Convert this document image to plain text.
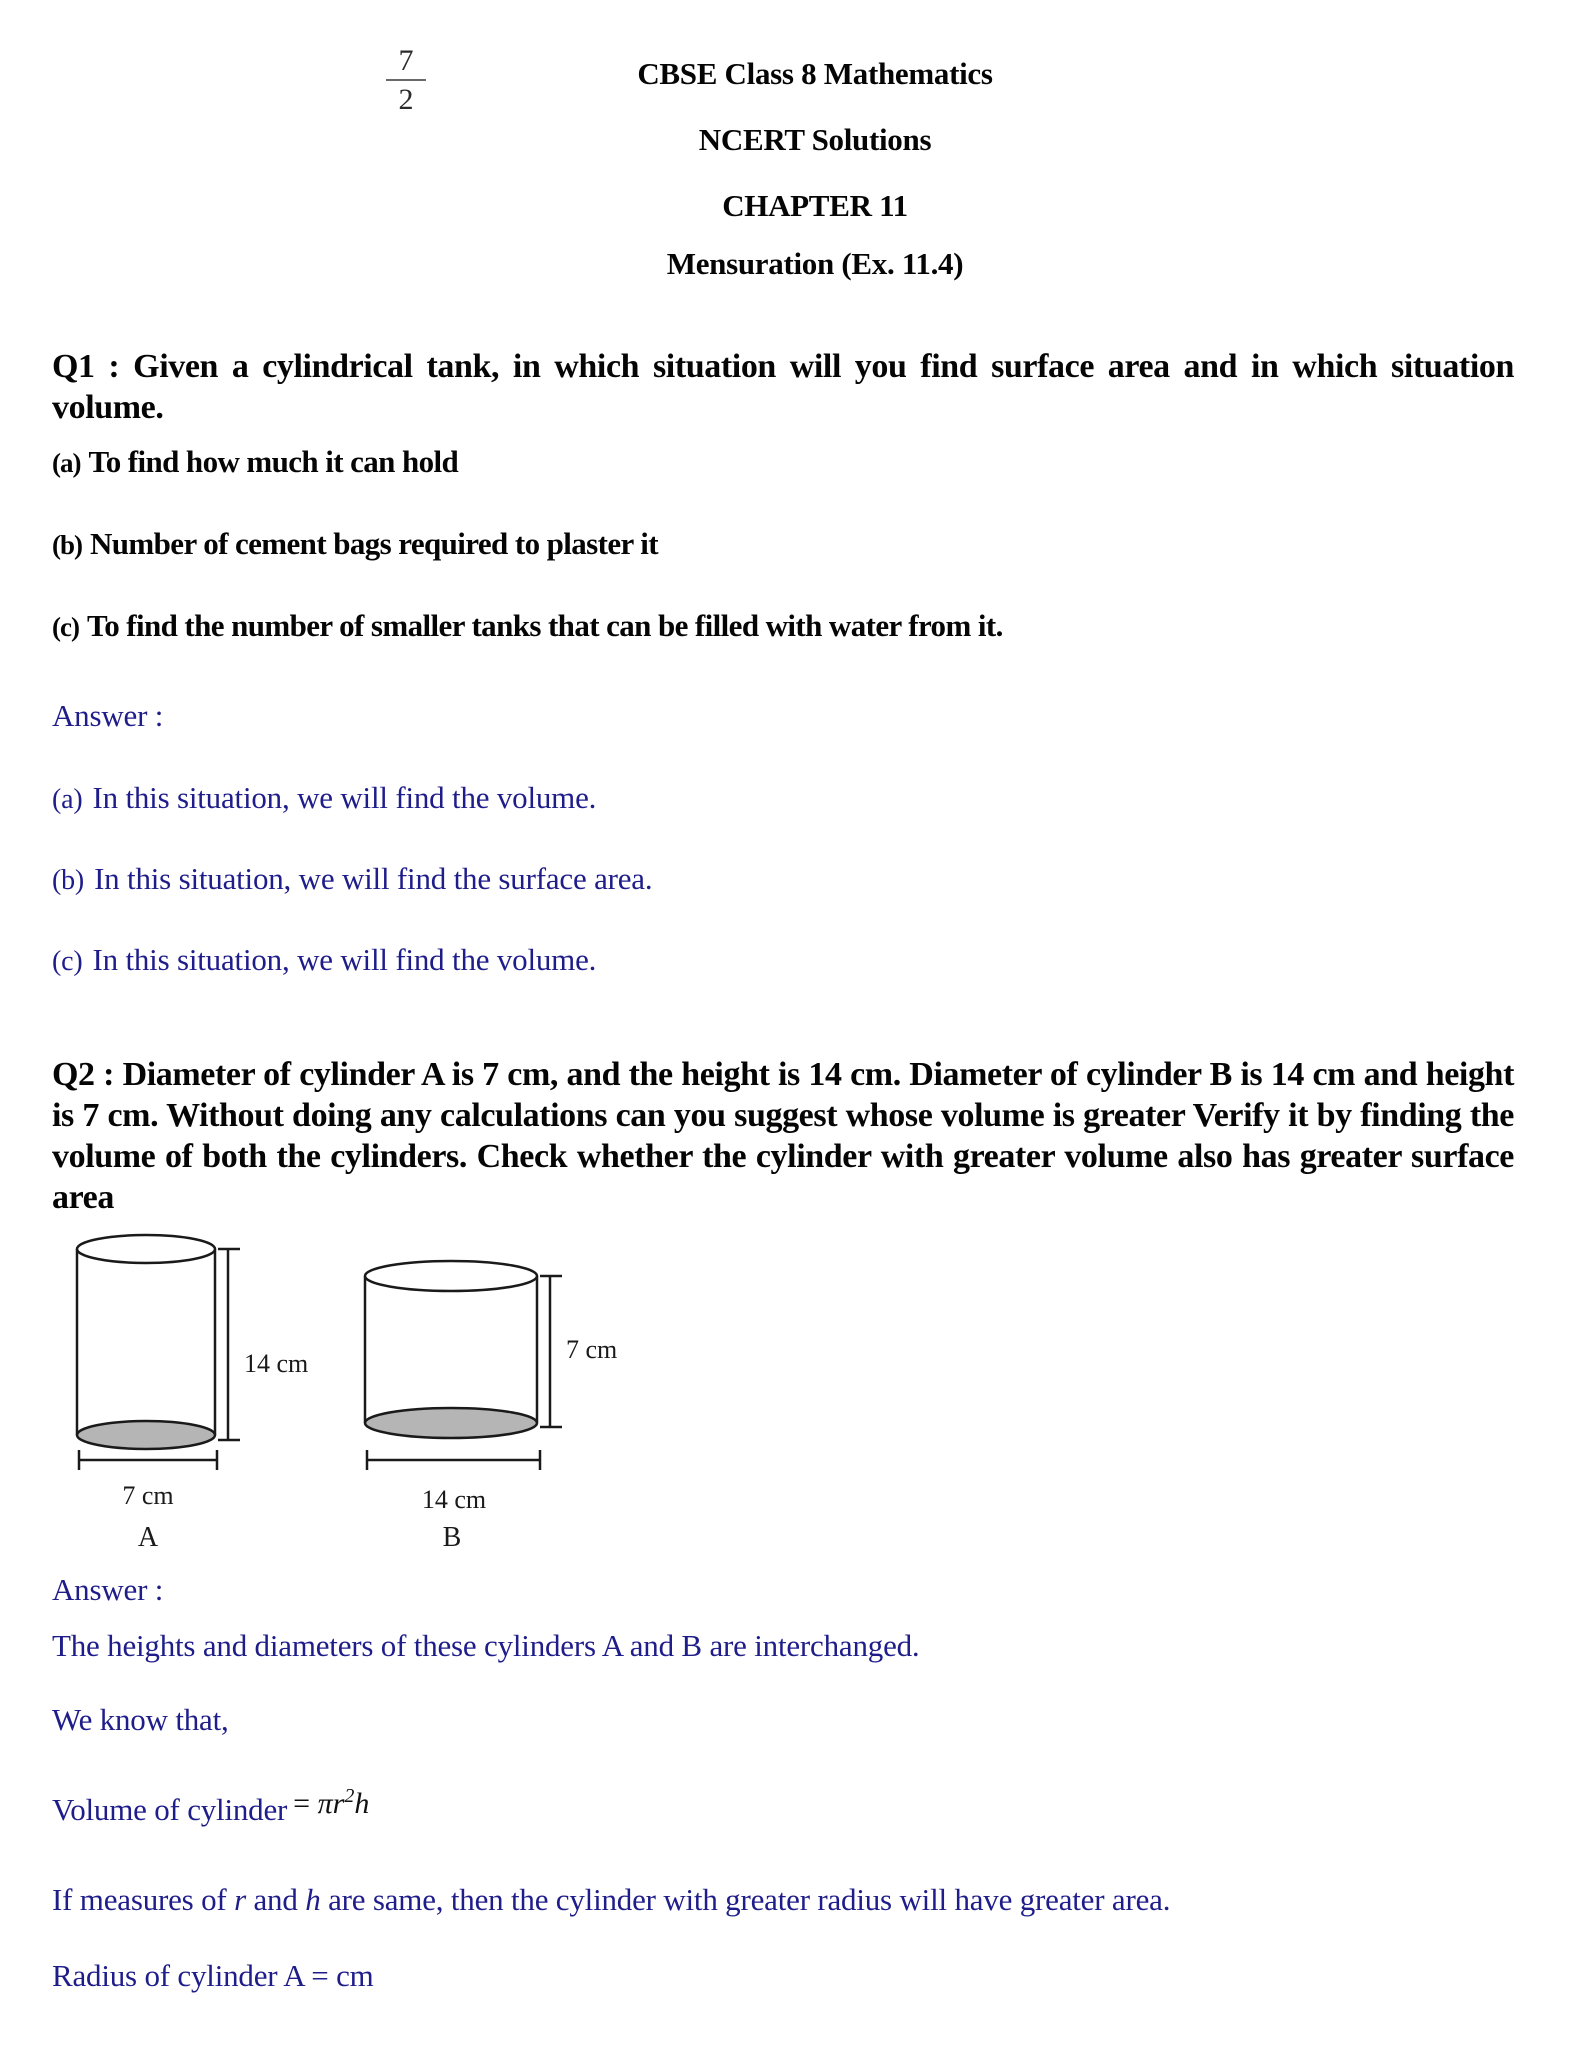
$\frac{7}{2}$	CBSE Class 8 Mathematics
NCERT Solutions
CHAPTER 11
Mensuration (Ex. 11.4)

Q1 : Given a cylindrical tank, in which situation will you find surface area and in which situation volume.

(a) To find how much it can hold
(b) Number of cement bags required to plaster it
(c) To find the number of smaller tanks that can be filled with water from it.
Answer :
(a) In this situation, we will find the volume.
(b) In this situation, we will find the surface area.
(c) In this situation, we will find the volume.

Q2 : Diameter of cylinder A is 7 cm, and the height is 14 cm. Diameter of cylinder B is 14 cm and height is 7 cm. Without doing any calculations can you suggest whose volume is greater Verify it by finding the volume of both the cylinders. Check whether the cylinder with greater volume also has greater surface area

14 cm
7 cm
A
7 cm
14 cm
B
Answer :
The heights and diameters of these cylinders A and B are interchanged.
We know that,
Volume of cylinder = $\pi r^2h$
If measures of r and h are same, then the cylinder with greater radius will have greater area.
Radius of cylinder A = cm
